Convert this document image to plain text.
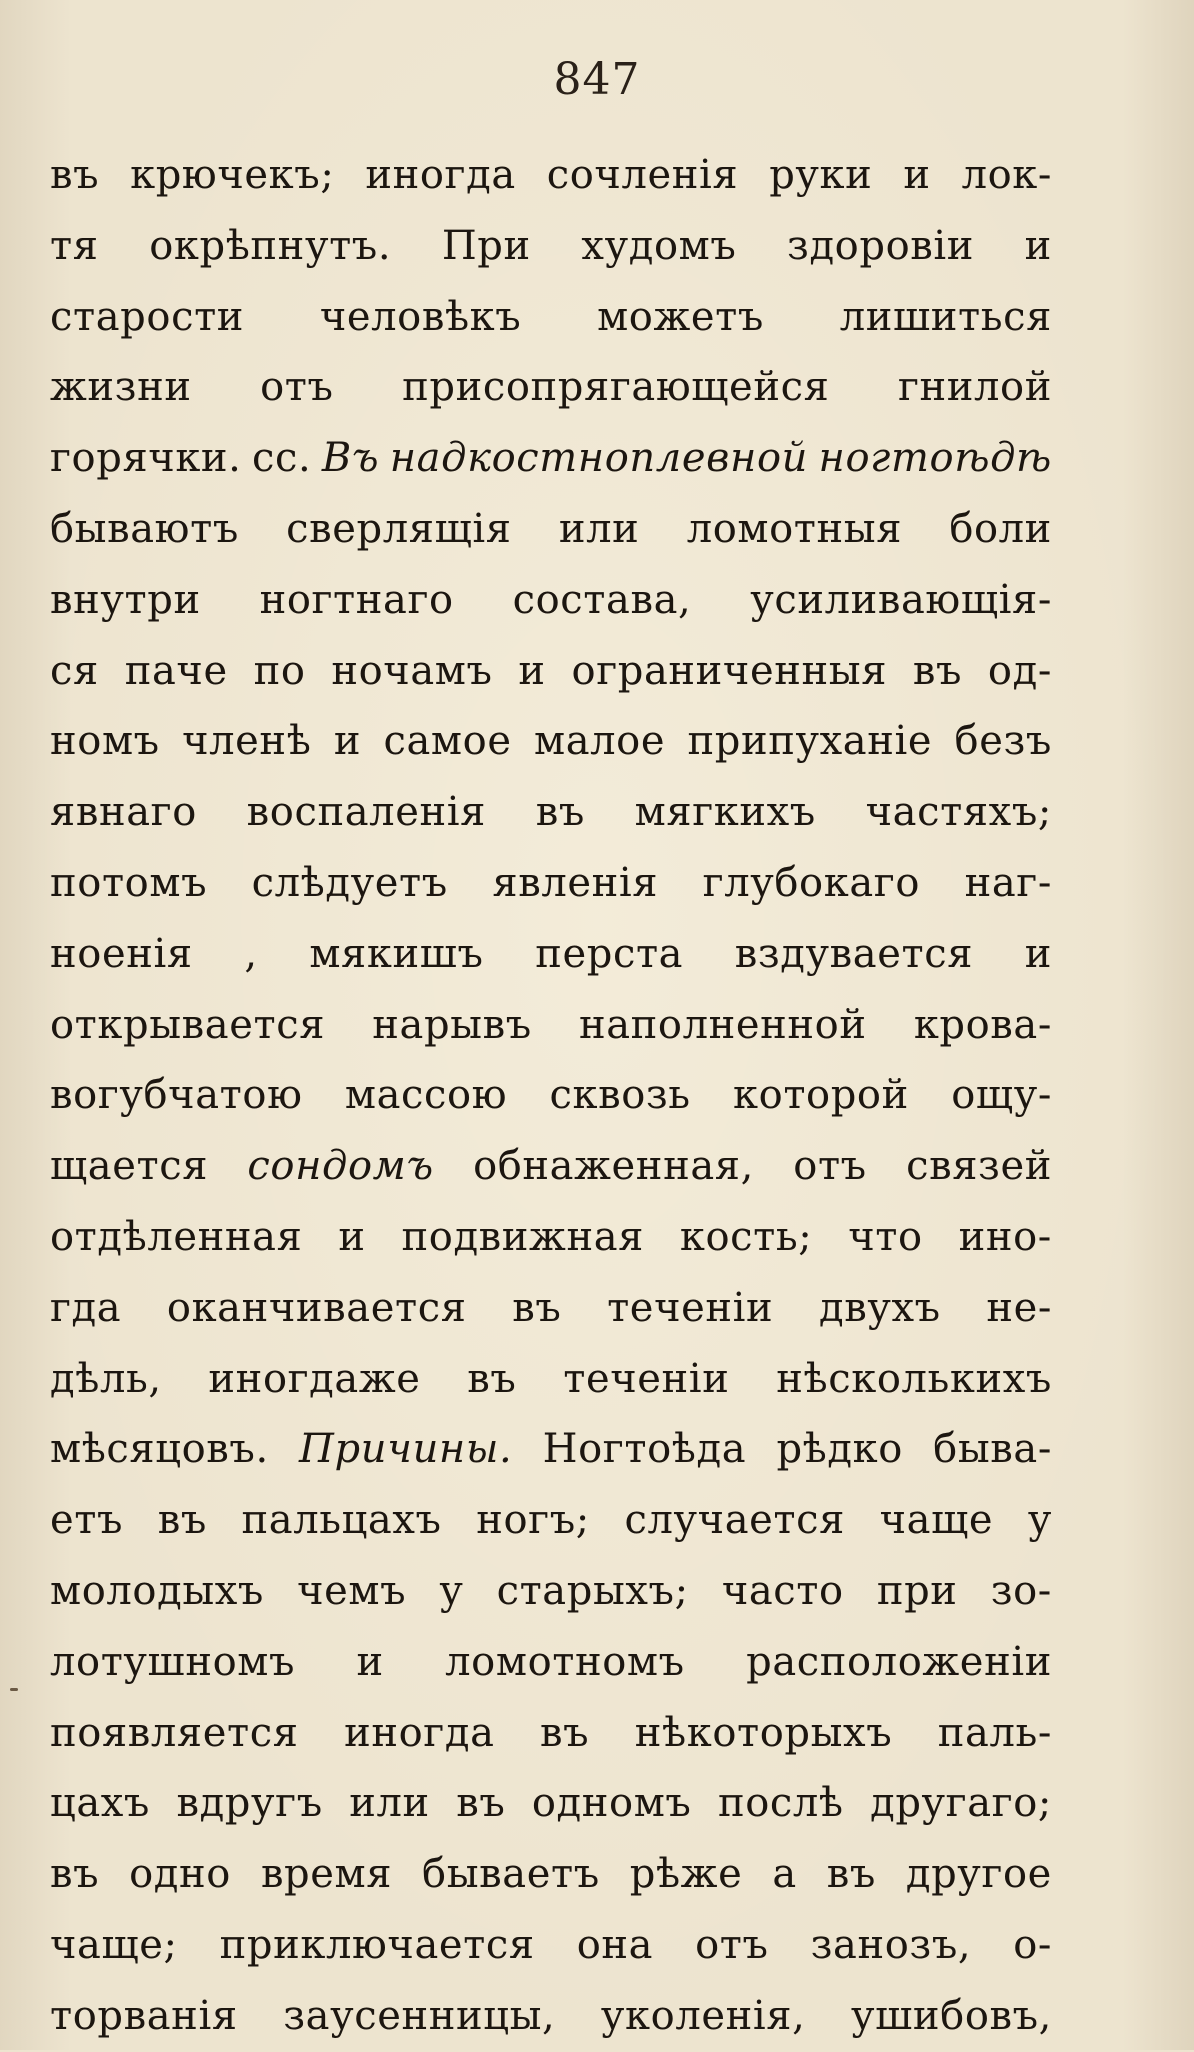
847
въ крючекъ; иногда сочленія руки и лок-
тя окрѣпнутъ. При худомъ здоровіи и
старости человѣкъ можетъ лишиться
жизни отъ присопрягающейся гнилой
горячки. сс. Въ надкостноплевной ногтоѣдѣ
бываютъ сверлящія или ломотныя боли
внутри ногтнаго состава, усиливающія-
ся паче по ночамъ и ограниченныя въ од-
номъ членѣ и самое малое припуханіе безъ
явнаго воспаленія въ мягкихъ частяхъ;
потомъ слѣдуетъ явленія глубокаго наг-
ноенія , мякишъ перста вздувается и
открывается нарывъ наполненной крова-
вогубчатою массою сквозь которой ощу-
щается сондомъ обнаженная, отъ связей
отдѣленная и подвижная кость; что ино-
гда оканчивается въ теченіи двухъ не-
дѣль, иногдаже въ теченіи нѣсколькихъ
мѣсяцовъ. Причины. Ногтоѣда рѣдко быва-
етъ въ пальцахъ ногъ; случается чаще у
молодыхъ чемъ у старыхъ; часто при зо-
лотушномъ и ломотномъ расположеніи
появляется иногда въ нѣкоторыхъ паль-
цахъ вдругъ или въ одномъ послѣ другаго;
въ одно время бываетъ рѣже а въ другое
чаще; приключается она отъ занозъ, о-
торванія заусенницы, уколенія, ушибовъ,
